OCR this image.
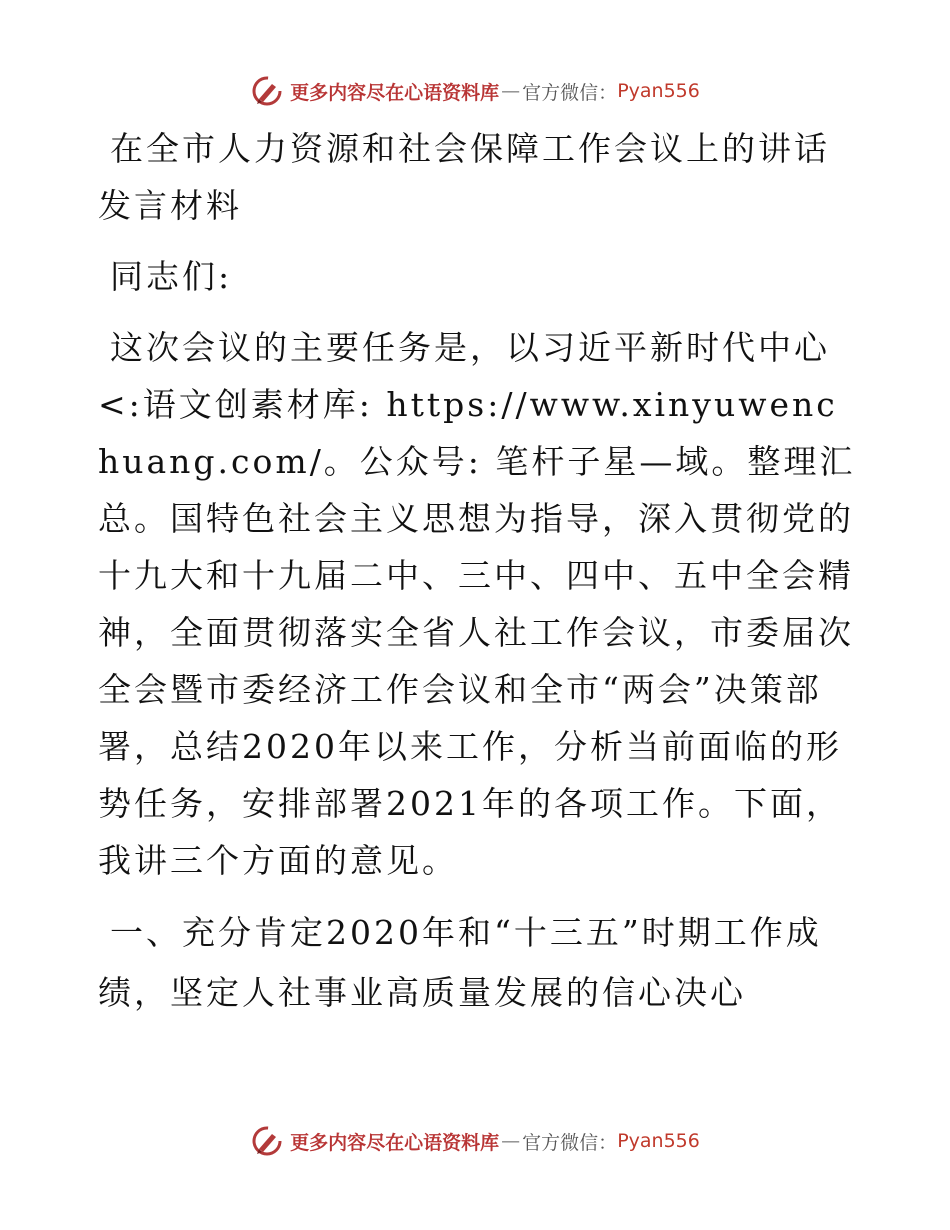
更多内容尽在心语资料库 — 官方微信： Pyan556

在全市人力资源和社会保障工作会议上的讲话发言材料

同志们:

这次会议的主要任务是，以习近平新时代中心<:语文创素材库: https://www.xinyuwenchuang.com/。公众号: 笔杆子星—域。整理汇总。国特色社会主义思想为指导，深入贯彻党的十九大和十九届二中、三中、四中、五中全会精神，全面贯彻落实全省人社工作会议，市委届次全会暨市委经济工作会议和全市“两会”决策部署，总结2020年以来工作，分析当前面临的形势任务，安排部署2021年的各项工作。下面，我讲三个方面的意见。

一、充分肯定2020年和“十三五”时期工作成绩，坚定人社事业高质量发展的信心决心

更多内容尽在心语资料库 — 官方微信： Pyan556
